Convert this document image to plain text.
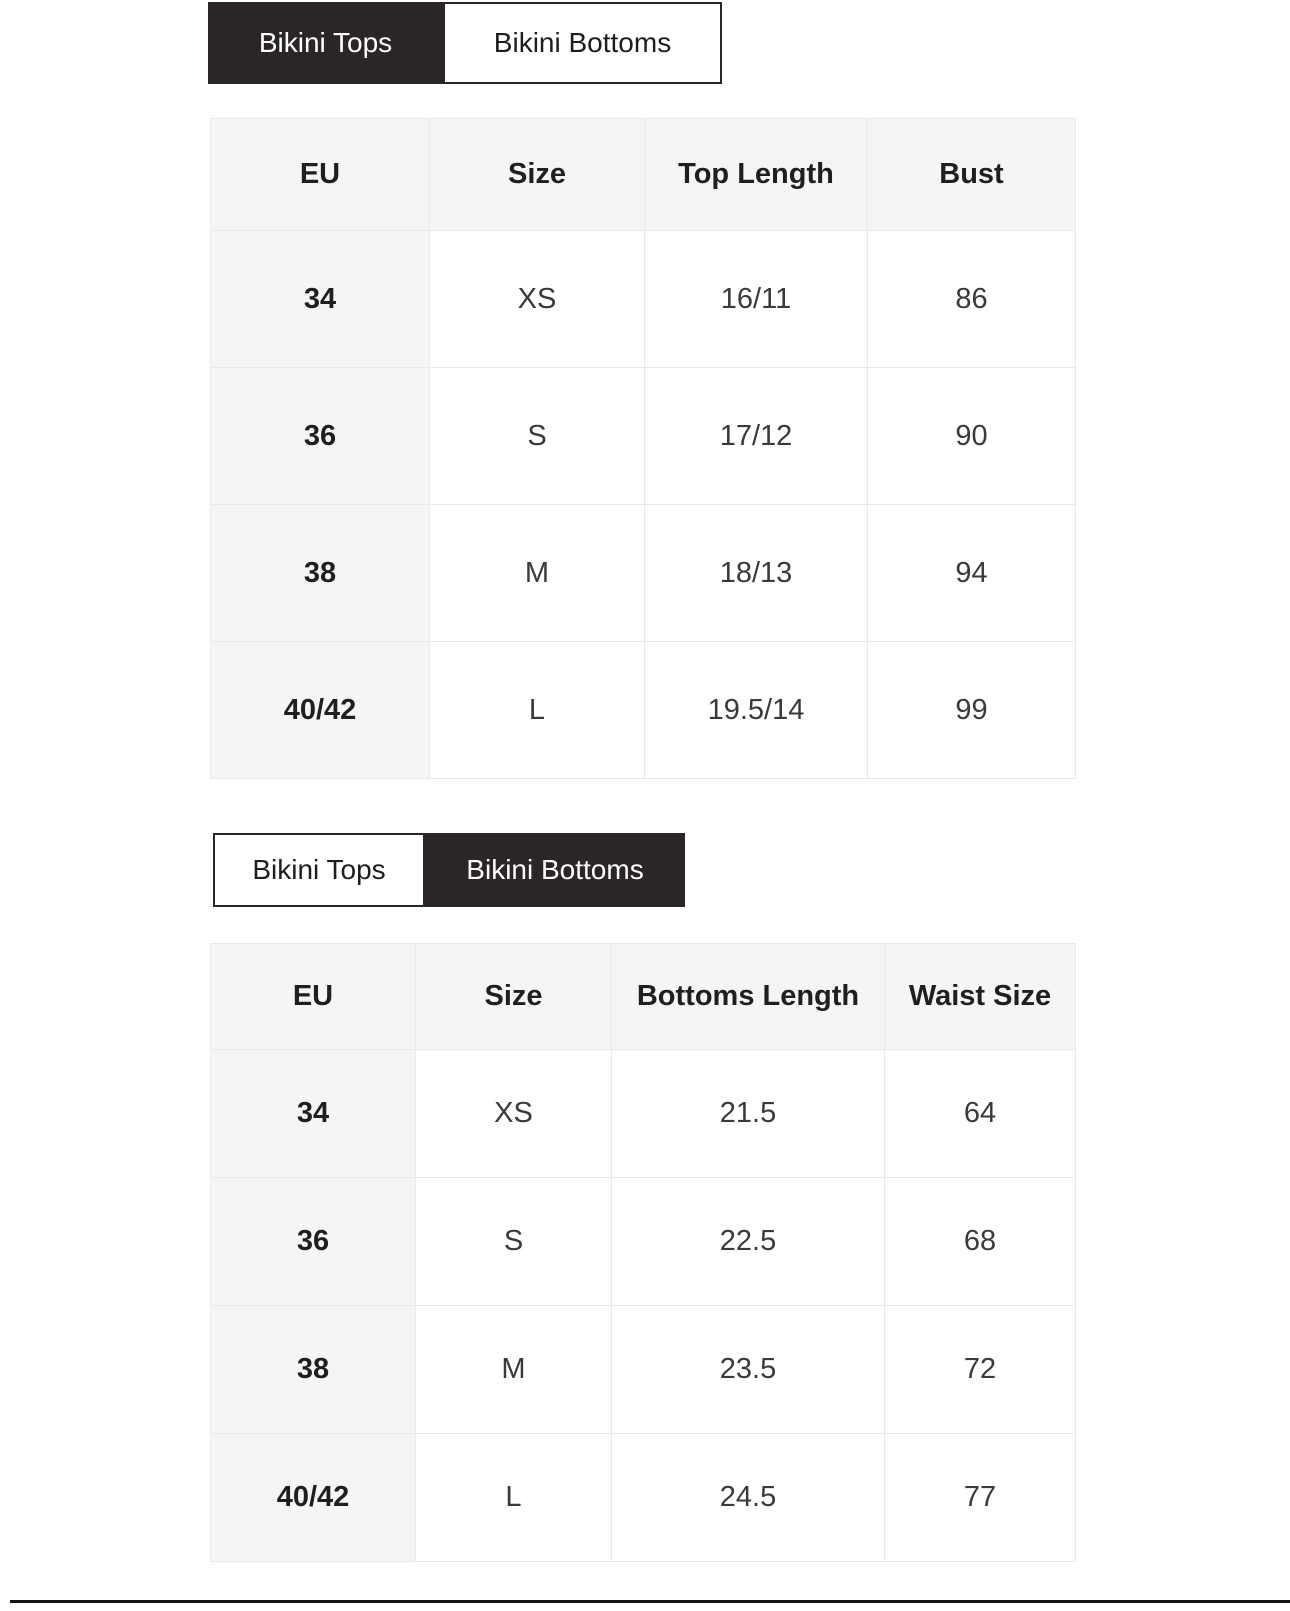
Bikini Tops	Bikini Bottoms
EU	Size	Top Length	Bust
34	XS	16/11	86
36	S	17/12	90
38	M	18/13	94
40/42	L	19.5/14	99
Bikini Tops	Bikini Bottoms
EU	Size	Bottoms Length	Waist Size
34	XS	21.5	64
36	S	22.5	68
38	M	23.5	72
40/42	L	24.5	77
